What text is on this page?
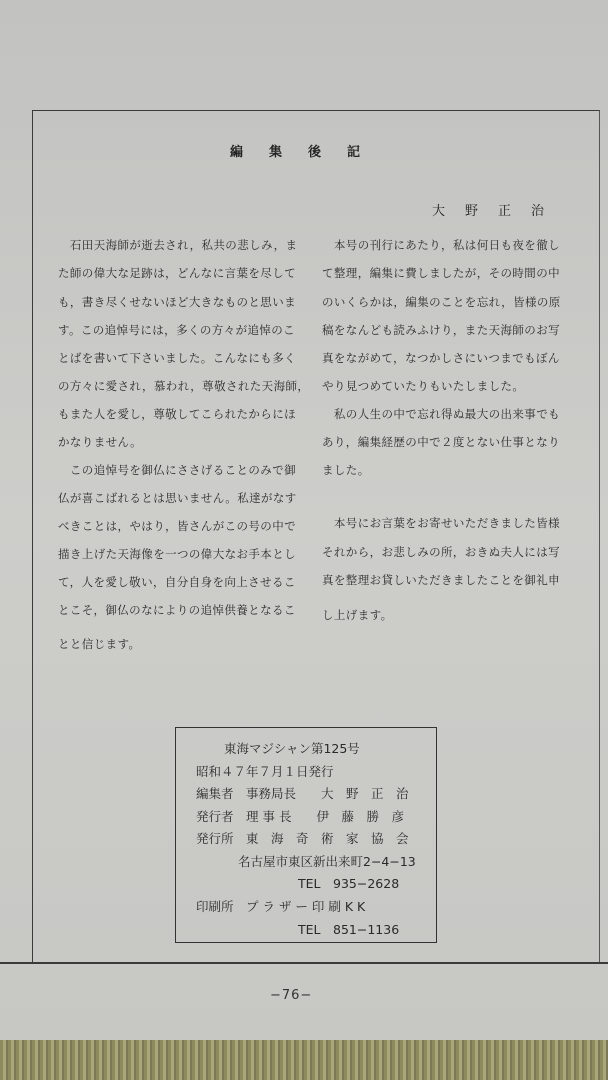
編集後記
大野正治
　石田天海師が逝去され，私共の悲しみ，ま
た師の偉大な足跡は，どんなに言葉を尽して
も，書き尽くせないほど大きなものと思いま
す。この追悼号には，多くの方々が追悼のこ
とばを書いて下さいました。こんなにも多く
の方々に愛され，慕われ，尊敬された天海師，
もまた人を愛し，尊敬してこられたからにほ
かなりません。
　この追悼号を御仏にささげることのみで御
仏が喜こばれるとは思いません。私達がなす
べきことは，やはり，皆さんがこの号の中で
描き上げた天海像を一つの偉大なお手本とし
て，人を愛し敬い，自分自身を向上させるこ
とこそ，御仏のなによりの追悼供養となるこ
とと信じます。
　本号の刊行にあたり，私は何日も夜を徹し
て整理，編集に費しましたが，その時間の中
のいくらかは，編集のことを忘れ，皆様の原
稿をなんども読みふけり，また天海師のお写
真をながめて，なつかしさにいつまでもぼん
やり見つめていたりもいたしました。
　私の人生の中で忘れ得ぬ最大の出来事でも
あり，編集経歴の中で２度とない仕事となり
ました。
　本号にお言葉をお寄せいただきました皆様
それから，お悲しみの所，おきぬ夫人には写
真を整理お貸しいただきましたことを御礼申
し上げます。
東海マジシャン第125号
昭和４７年７月１日発行
編集者　事務局長　　大　野　正　治
発行者　理 事 長　　伊　藤　勝　彦
発行所　東　海　奇　術　家　協　会
名古屋市東区新出来町2−4−13
TEL　935−2628
印刷所　プ ラ ザ ー 印 刷 K K
TEL　851−1136
−76−
